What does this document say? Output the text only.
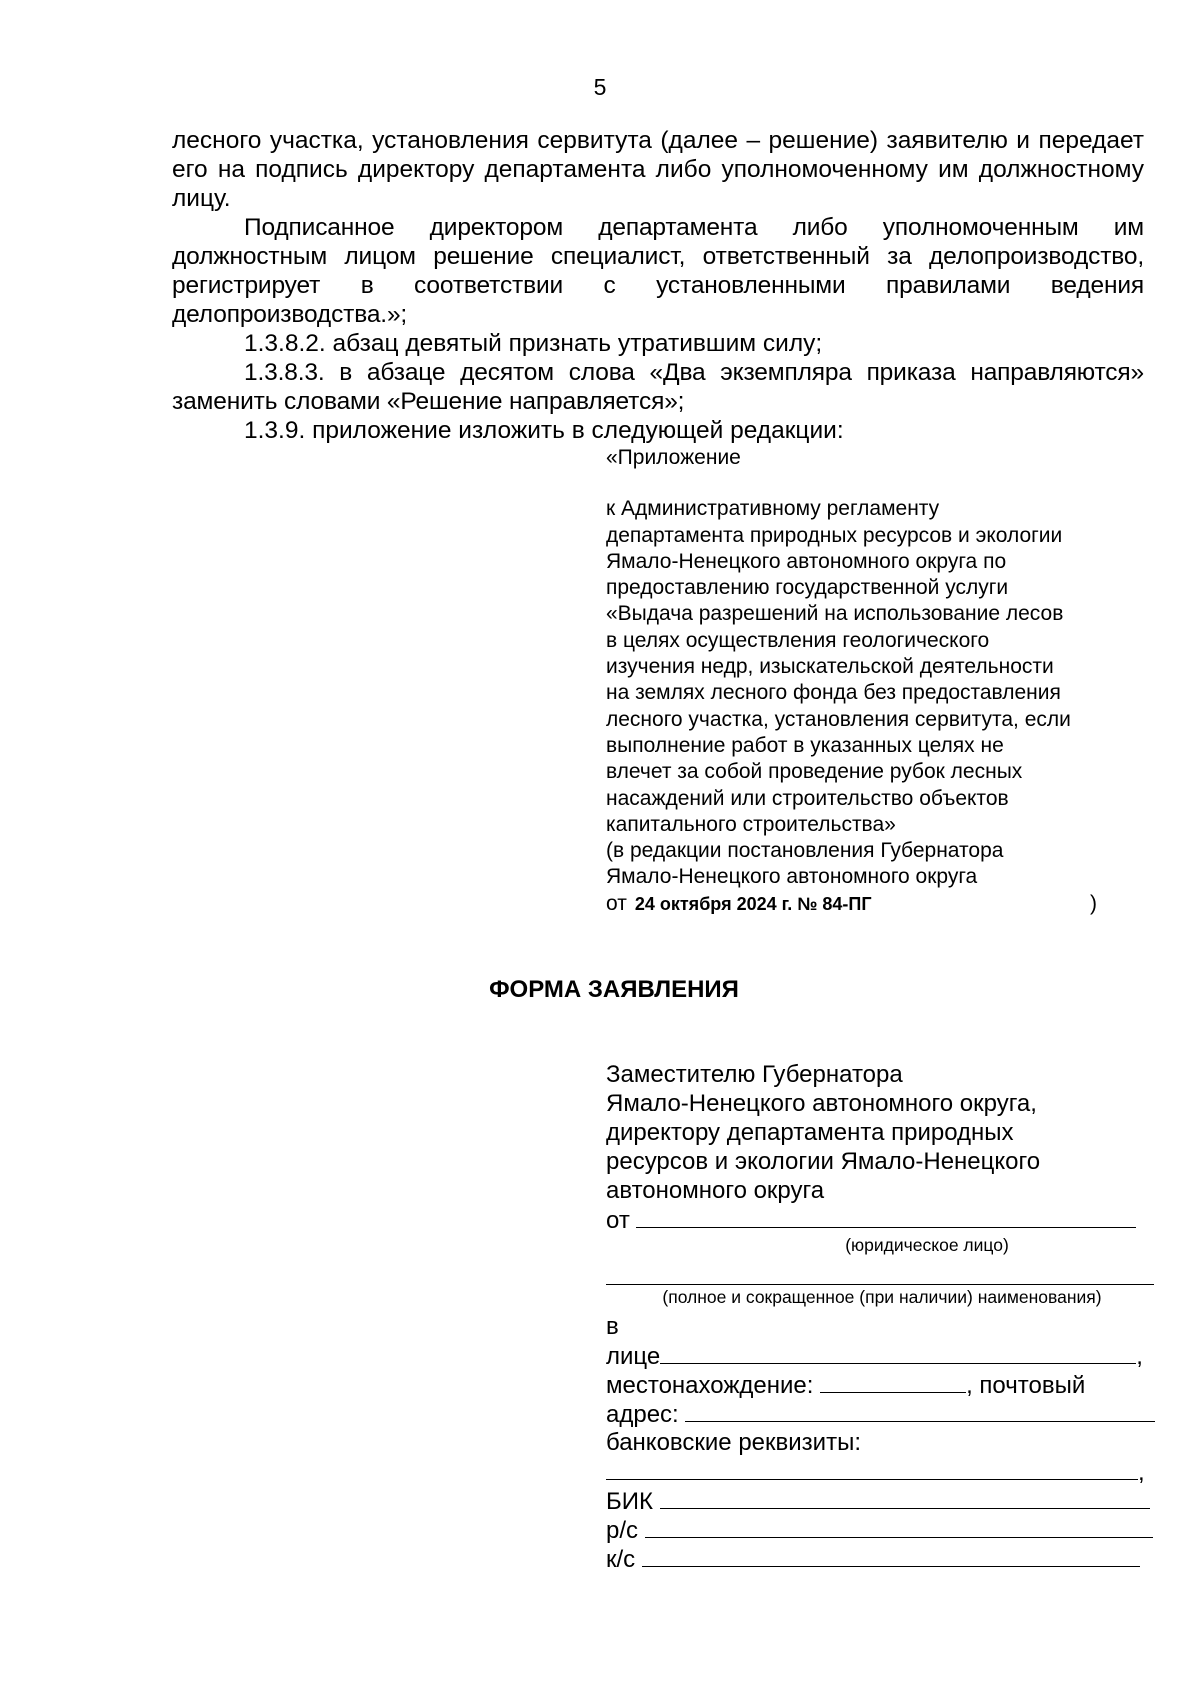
5

лесного участка, установления сервитута (далее – решение) заявителю и передает его на подпись директору департамента либо уполномоченному им должностному лицу.

Подписанное директором департамента либо уполномоченным им должностным лицом решение специалист, ответственный за делопроизводство, регистрирует в соответствии с установленными правилами ведения делопроизводства.»;

1.3.8.2. абзац девятый признать утратившим силу;

1.3.8.3. в абзаце десятом слова «Два экземпляра приказа направляются» заменить словами «Решение направляется»;

1.3.9. приложение изложить в следующей редакции:

«Приложение
к Административному регламенту
департамента природных ресурсов и экологии
Ямало-Ненецкого автономного округа по
предоставлению государственной услуги
«Выдача разрешений на использование лесов
в целях осуществления геологического
изучения недр, изыскательской деятельности
на землях лесного фонда без предоставления
лесного участка, установления сервитута, если
выполнение работ в указанных целях не
влечет за собой проведение рубок лесных
насаждений или строительство объектов
капитального строительства»
(в редакции постановления Губернатора
Ямало-Ненецкого автономного округа
от 24 октября 2024 г. № 84-ПГ	)
ФОРМА ЗАЯВЛЕНИЯ
Заместителю Губернатора
Ямало-Ненецкого автономного округа,
директору департамента природных
ресурсов и экологии Ямало-Ненецкого
автономного округа
от
(юридическое лицо)
(полное и сокращенное (при наличии) наименования)
в
лице	,
местонахождение:	, почтовый
адрес:
банковские реквизиты:
,
БИК
р/с
к/с
